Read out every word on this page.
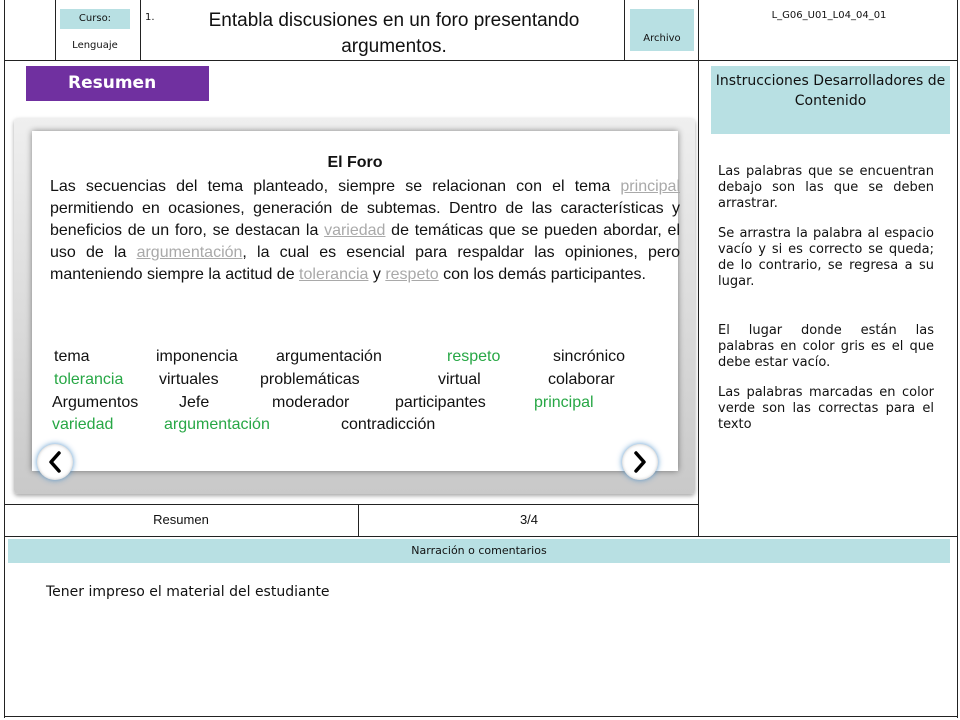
Curso:
Lenguaje
1.	Entabla discusiones en un foro presentando argumentos.	Archivo
L_G06_U01_L04_04_01
Resumen
El Foro
Las secuencias del tema planteado, siempre se relacionan con el tema principal permitiendo en ocasiones, generación de subtemas. Dentro de las características y beneficios de un foro, se destacan la variedad de temáticas que se pueden abordar, el uso de la argumentación, la cual es esencial para respaldar las opiniones, pero manteniendo siempre la actitud de tolerancia y respeto con los demás participantes.
tema	imponencia argumentación	respeto	sincrónico
tolerancia virtuales	problemáticas	virtual	colaborar
Argumentos	Jefe	moderador	participantes	principal
variedad	argumentación	contradicción
Instrucciones Desarrolladores de Contenido

Las palabras que se encuentran debajo son las que se deben arrastrar.

Se arrastra la palabra al espacio vacío y si es correcto se queda; de lo contrario, se regresa a su lugar.

El lugar donde están las palabras en color gris es el que debe estar vacío.

Las palabras marcadas en color verde son las correctas para el texto

Resumen	3/4
Narración o comentarios
Tener impreso el material del estudiante
